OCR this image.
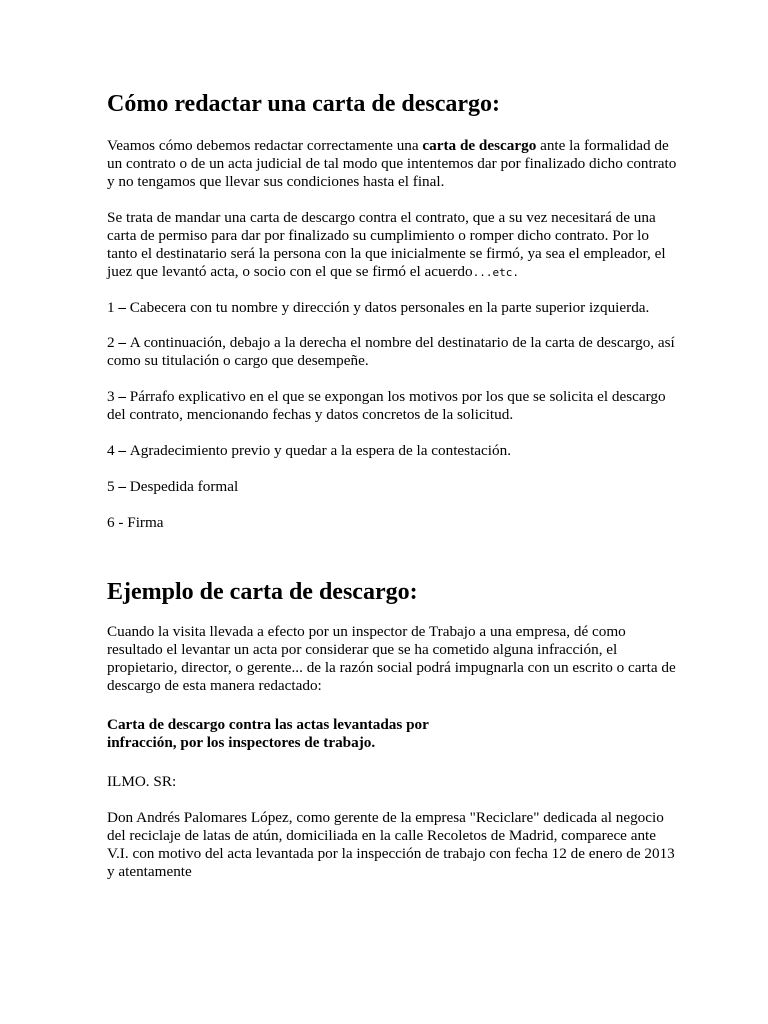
Cómo redactar una carta de descargo:

Veamos cómo debemos redactar correctamente una carta de descargo ante la formalidad de un contrato o de un acta judicial de tal modo que intentemos dar por finalizado dicho contrato y no tengamos que llevar sus condiciones hasta el final.

Se trata de mandar una carta de descargo contra el contrato, que a su vez necesitará de una carta de permiso para dar por finalizado su cumplimiento o romper dicho contrato. Por lo tanto el destinatario será la persona con la que inicialmente se firmó, ya sea el empleador, el juez que levantó acta, o socio con el que se firmó el acuerdo...etc.

1 – Cabecera con tu nombre y dirección y datos personales en la parte superior izquierda.

2 – A continuación, debajo a la derecha el nombre del destinatario de la carta de descargo, así como su titulación o cargo que desempeñe.

3 – Párrafo explicativo en el que se expongan los motivos por los que se solicita el descargo del contrato, mencionando fechas y datos concretos de la solicitud.

4 – Agradecimiento previo y quedar a la espera de la contestación.

5 – Despedida formal

6 - Firma

Ejemplo de carta de descargo:

Cuando la visita llevada a efecto por un inspector de Trabajo a una empresa, dé como resultado el levantar un acta por considerar que se ha cometido alguna infracción, el propietario, director, o gerente... de la razón social podrá impugnarla con un escrito o carta de descargo de esta manera redactado:

Carta de descargo contra las actas levantadas por
infracción, por los inspectores de trabajo.

ILMO. SR:

Don Andrés Palomares López, como gerente de la empresa "Reciclare" dedicada al negocio del reciclaje de latas de atún, domiciliada en la calle Recoletos de Madrid, comparece ante V.I. con motivo del acta levantada por la inspección de trabajo con fecha 12 de enero de 2013 y atentamente
